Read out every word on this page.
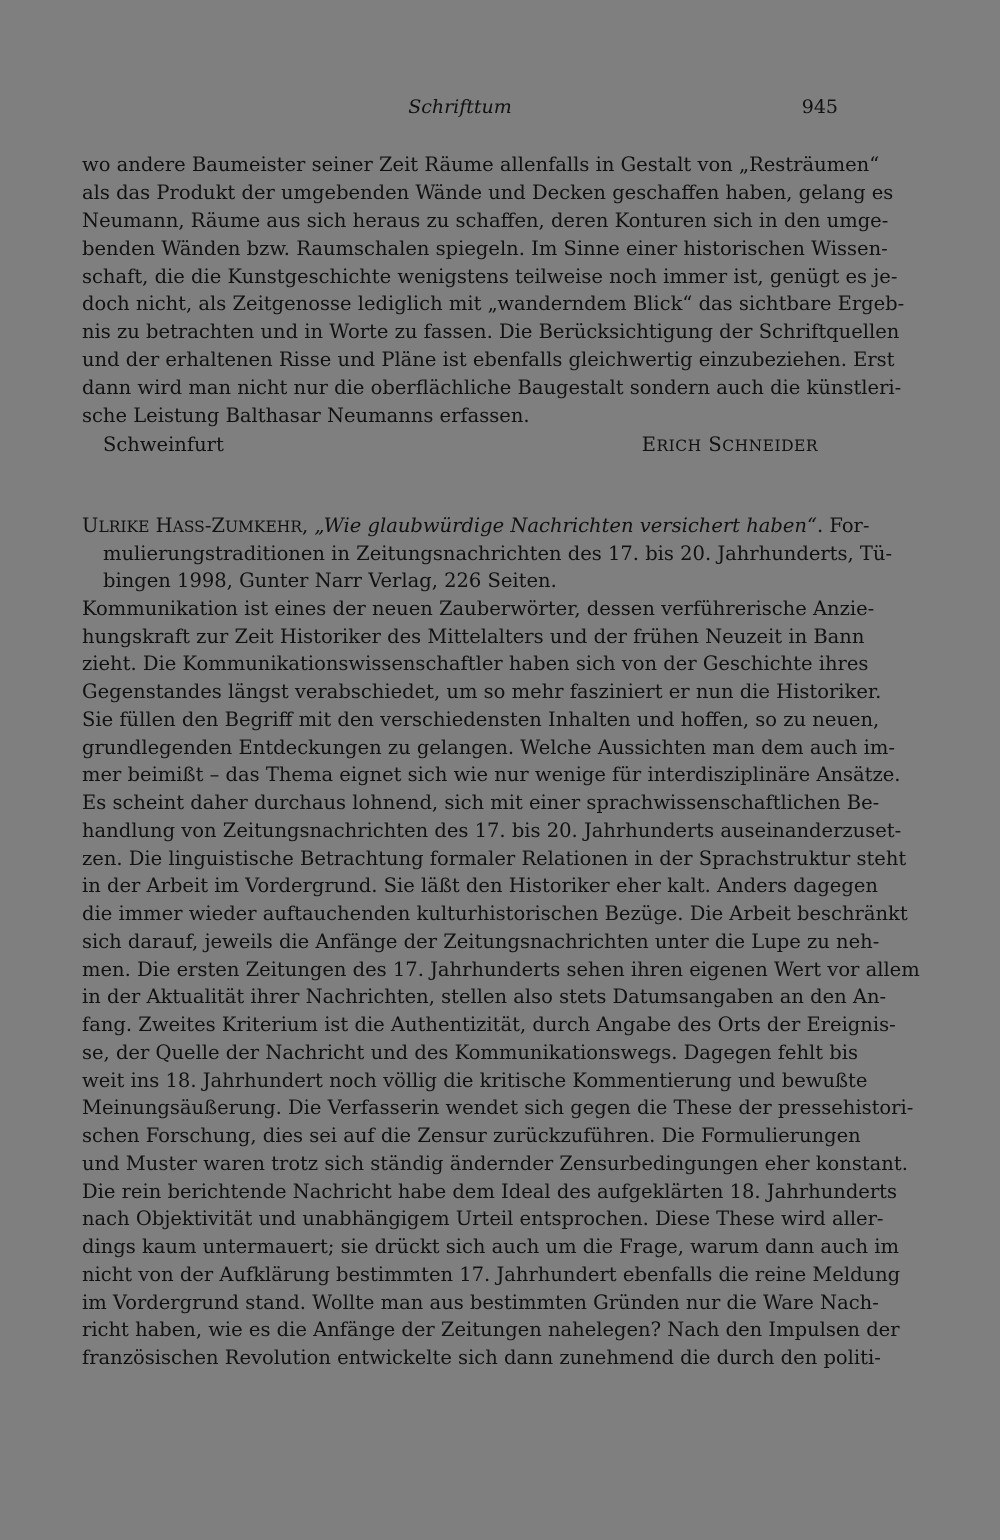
Schrifttum	945
wo andere Baumeister seiner Zeit Räume allenfalls in Gestalt von „Resträumen“
als das Produkt der umgebenden Wände und Decken geschaffen haben, gelang es
Neumann, Räume aus sich heraus zu schaffen, deren Konturen sich in den umge-
benden Wänden bzw. Raumschalen spiegeln. Im Sinne einer historischen Wissen-
schaft, die die Kunstgeschichte wenigstens teilweise noch immer ist, genügt es je-
doch nicht, als Zeitgenosse lediglich mit „wanderndem Blick“ das sichtbare Ergeb-
nis zu betrachten und in Worte zu fassen. Die Berücksichtigung der Schriftquellen
und der erhaltenen Risse und Pläne ist ebenfalls gleichwertig einzubeziehen. Erst
dann wird man nicht nur die oberflächliche Baugestalt sondern auch die künstleri-
sche Leistung Balthasar Neumanns erfassen.
Schweinfurt	ERICH SCHNEIDER
ULRIKE HASS-ZUMKEHR, „Wie glaubwürdige Nachrichten versichert haben“. For-
mulierungstraditionen in Zeitungsnachrichten des 17. bis 20. Jahrhunderts, Tü-
bingen 1998, Gunter Narr Verlag, 226 Seiten.
Kommunikation ist eines der neuen Zauberwörter, dessen verführerische Anzie-
hungskraft zur Zeit Historiker des Mittelalters und der frühen Neuzeit in Bann
zieht. Die Kommunikationswissenschaftler haben sich von der Geschichte ihres
Gegenstandes längst verabschiedet, um so mehr fasziniert er nun die Historiker.
Sie füllen den Begriff mit den verschiedensten Inhalten und hoffen, so zu neuen,
grundlegenden Entdeckungen zu gelangen. Welche Aussichten man dem auch im-
mer beimißt – das Thema eignet sich wie nur wenige für interdisziplinäre Ansätze.
Es scheint daher durchaus lohnend, sich mit einer sprachwissenschaftlichen Be-
handlung von Zeitungsnachrichten des 17. bis 20. Jahrhunderts auseinanderzuset-
zen. Die linguistische Betrachtung formaler Relationen in der Sprachstruktur steht
in der Arbeit im Vordergrund. Sie läßt den Historiker eher kalt. Anders dagegen
die immer wieder auftauchenden kulturhistorischen Bezüge. Die Arbeit beschränkt
sich darauf, jeweils die Anfänge der Zeitungsnachrichten unter die Lupe zu neh-
men. Die ersten Zeitungen des 17. Jahrhunderts sehen ihren eigenen Wert vor allem
in der Aktualität ihrer Nachrichten, stellen also stets Datumsangaben an den An-
fang. Zweites Kriterium ist die Authentizität, durch Angabe des Orts der Ereignis-
se, der Quelle der Nachricht und des Kommunikationswegs. Dagegen fehlt bis
weit ins 18. Jahrhundert noch völlig die kritische Kommentierung und bewußte
Meinungsäußerung. Die Verfasserin wendet sich gegen die These der pressehistori-
schen Forschung, dies sei auf die Zensur zurückzuführen. Die Formulierungen
und Muster waren trotz sich ständig ändernder Zensurbedingungen eher konstant.
Die rein berichtende Nachricht habe dem Ideal des aufgeklärten 18. Jahrhunderts
nach Objektivität und unabhängigem Urteil entsprochen. Diese These wird aller-
dings kaum untermauert; sie drückt sich auch um die Frage, warum dann auch im
nicht von der Aufklärung bestimmten 17. Jahrhundert ebenfalls die reine Meldung
im Vordergrund stand. Wollte man aus bestimmten Gründen nur die Ware Nach-
richt haben, wie es die Anfänge der Zeitungen nahelegen? Nach den Impulsen der
französischen Revolution entwickelte sich dann zunehmend die durch den politi-
